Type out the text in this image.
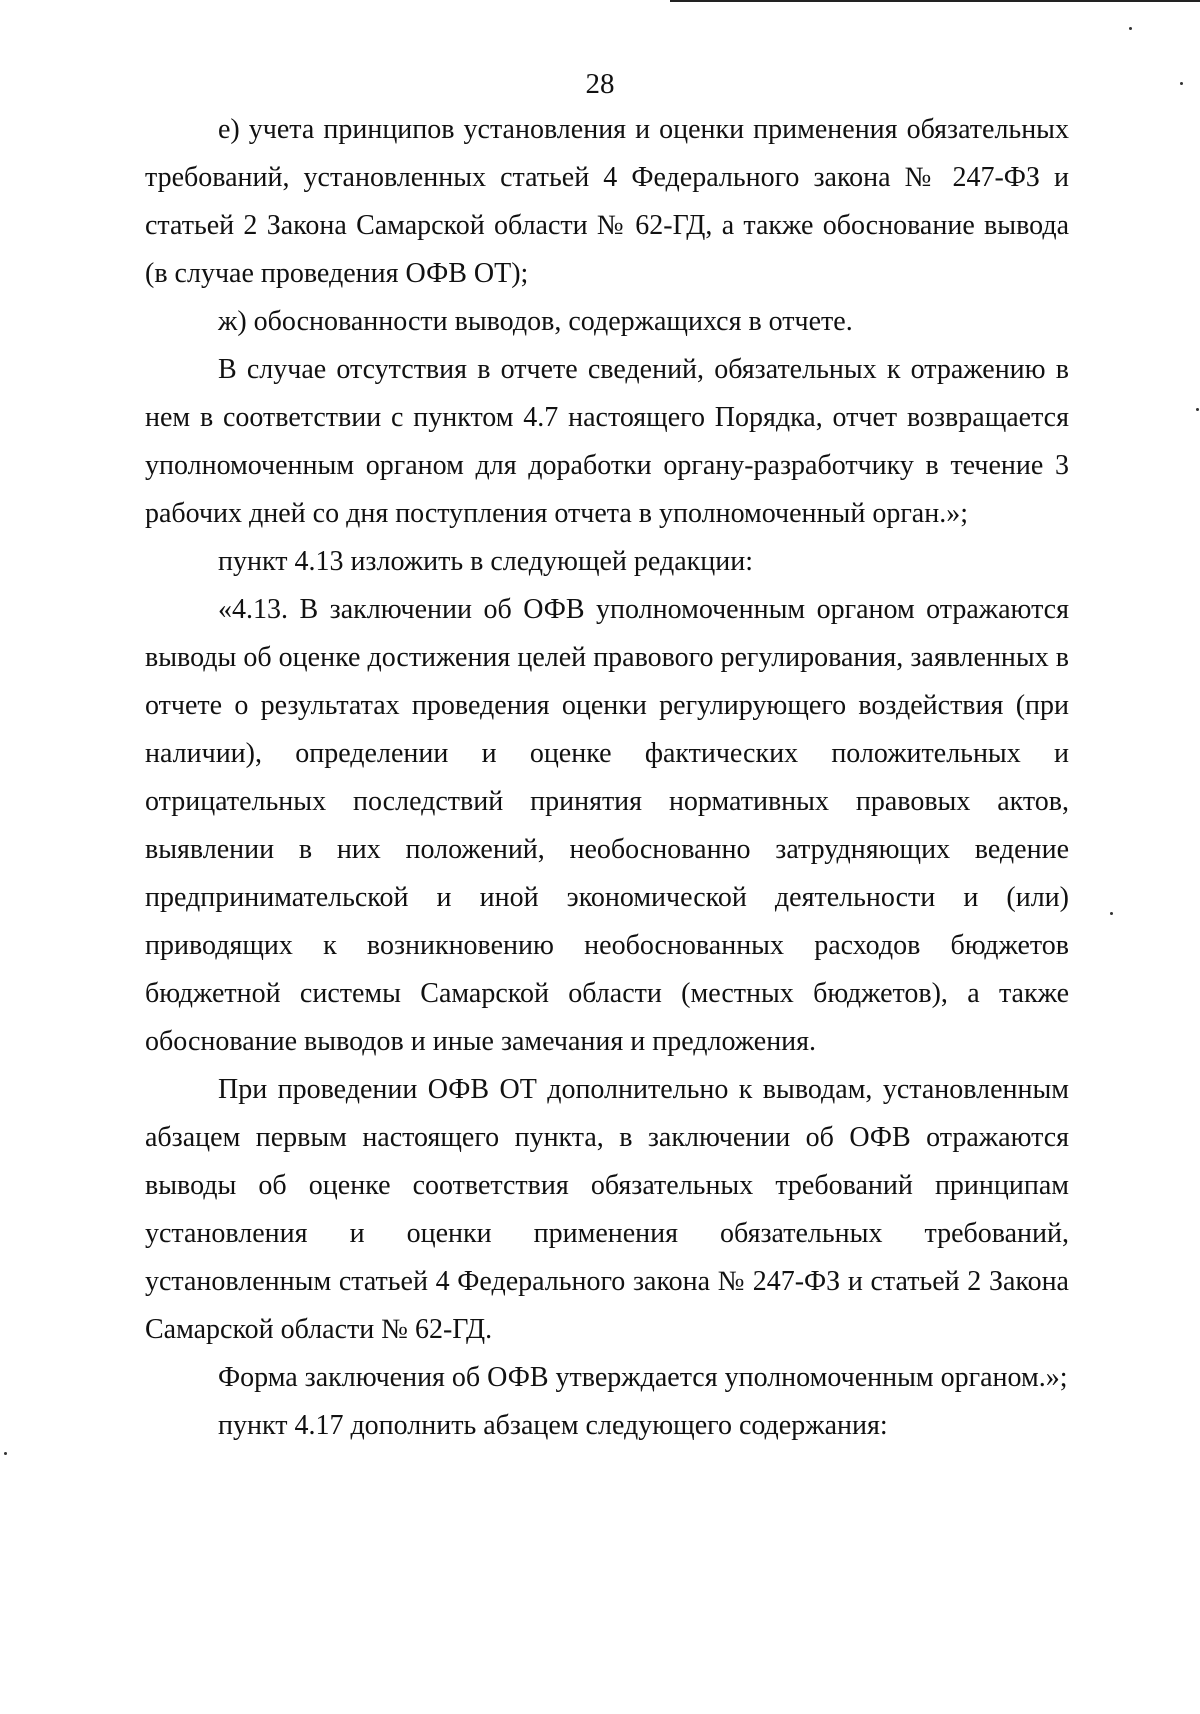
28

е) учета принципов установления и оценки применения обязательных требований, установленных статьей 4 Федерального закона № 247-ФЗ и статьей 2 Закона Самарской области № 62-ГД, а также обоснование вывода (в случае проведения ОФВ ОТ);

ж) обоснованности выводов, содержащихся в отчете.

В случае отсутствия в отчете сведений, обязательных к отражению в нем в соответствии с пунктом 4.7 настоящего Порядка, отчет возвращается уполномоченным органом для доработки органу-разработчику в течение 3 рабочих дней со дня поступления отчета в уполномоченный орган.»;

пункт 4.13 изложить в следующей редакции:

«4.13. В заключении об ОФВ уполномоченным органом отражаются выводы об оценке достижения целей правового регулирования, заявленных в отчете о результатах проведения оценки регулирующего воздействия (при наличии), определении и оценке фактических положительных и отрицательных последствий принятия нормативных правовых актов, выявлении в них положений, необоснованно затрудняющих ведение предпринимательской и иной экономической деятельности и (или) приводящих к возникновению необоснованных расходов бюджетов бюджетной системы Самарской области (местных бюджетов), а также обоснование выводов и иные замечания и предложения.

При проведении ОФВ ОТ дополнительно к выводам, установленным абзацем первым настоящего пункта, в заключении об ОФВ отражаются выводы об оценке соответствия обязательных требований принципам установления и оценки применения обязательных требований, установленным статьей 4 Федерального закона № 247-ФЗ и статьей 2 Закона Самарской области № 62-ГД.

Форма заключения об ОФВ утверждается уполномоченным органом.»;

пункт 4.17 дополнить абзацем следующего содержания:
